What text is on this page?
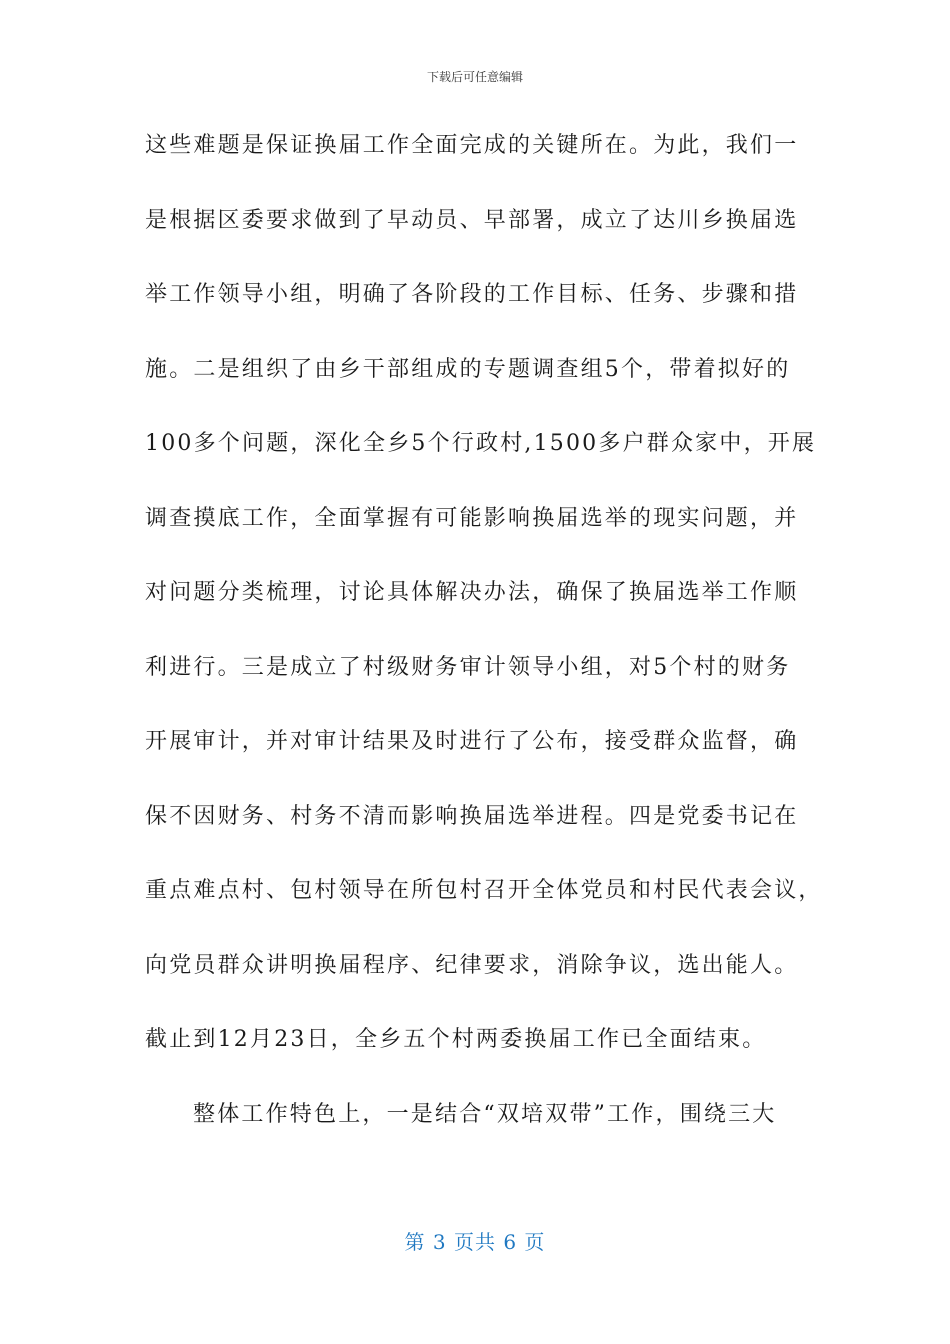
下载后可任意编辑
这些难题是保证换届工作全面完成的关键所在。为此，我们一
是根据区委要求做到了早动员、早部署，成立了达川乡换届选
举工作领导小组，明确了各阶段的工作目标、任务、步骤和措
施。二是组织了由乡干部组成的专题调查组5个，带着拟好的
100多个问题，深化全乡5个行政村,1500多户群众家中，开展
调查摸底工作，全面掌握有可能影响换届选举的现实问题，并
对问题分类梳理，讨论具体解决办法，确保了换届选举工作顺
利进行。三是成立了村级财务审计领导小组，对5个村的财务
开展审计，并对审计结果及时进行了公布，接受群众监督，确
保不因财务、村务不清而影响换届选举进程。四是党委书记在
重点难点村、包村领导在所包村召开全体党员和村民代表会议，
向党员群众讲明换届程序、纪律要求，消除争议，选出能人。
截止到12月23日，全乡五个村两委换届工作已全面结束。
整体工作特色上，一是结合“双培双带”工作，围绕三大
第 3 页共 6 页
